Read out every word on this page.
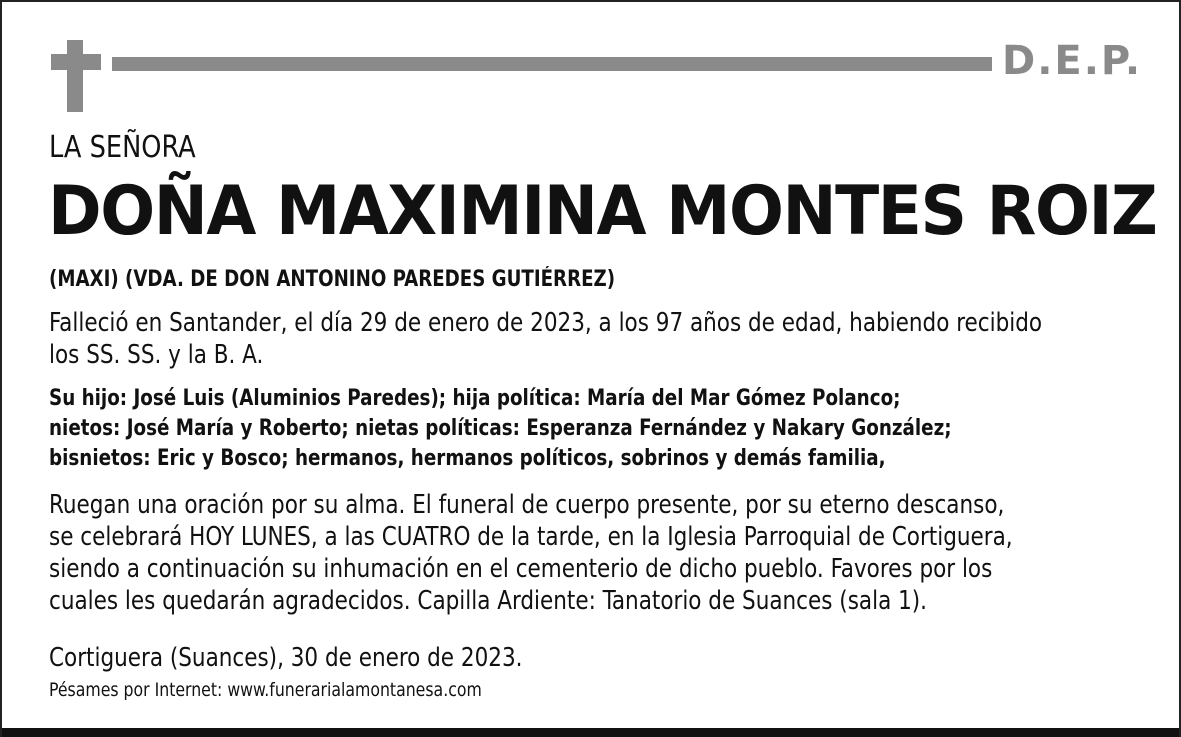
D.E.P.
LA SEÑORA
DOÑA MAXIMINA MONTES ROIZ
(MAXI) (VDA. DE DON ANTONINO PAREDES GUTIÉRREZ)

Falleció en Santander, el día 29 de enero de 2023, a los 97 años de edad, habiendo recibido
los SS. SS. y la B. A.

Su hijo: José Luis (Aluminios Paredes); hija política: María del Mar Gómez Polanco;
nietos: José María y Roberto; nietas políticas: Esperanza Fernández y Nakary González;
bisnietos: Eric y Bosco; hermanos, hermanos políticos, sobrinos y demás familia,

Ruegan una oración por su alma. El funeral de cuerpo presente, por su eterno descanso,
se celebrará HOY LUNES, a las CUATRO de la tarde, en la Iglesia Parroquial de Cortiguera,
siendo a continuación su inhumación en el cementerio de dicho pueblo. Favores por los
cuales les quedarán agradecidos. Capilla Ardiente: Tanatorio de Suances (sala 1).

Cortiguera (Suances), 30 de enero de 2023.
Pésames por Internet: www.funerarialamontanesa.com
